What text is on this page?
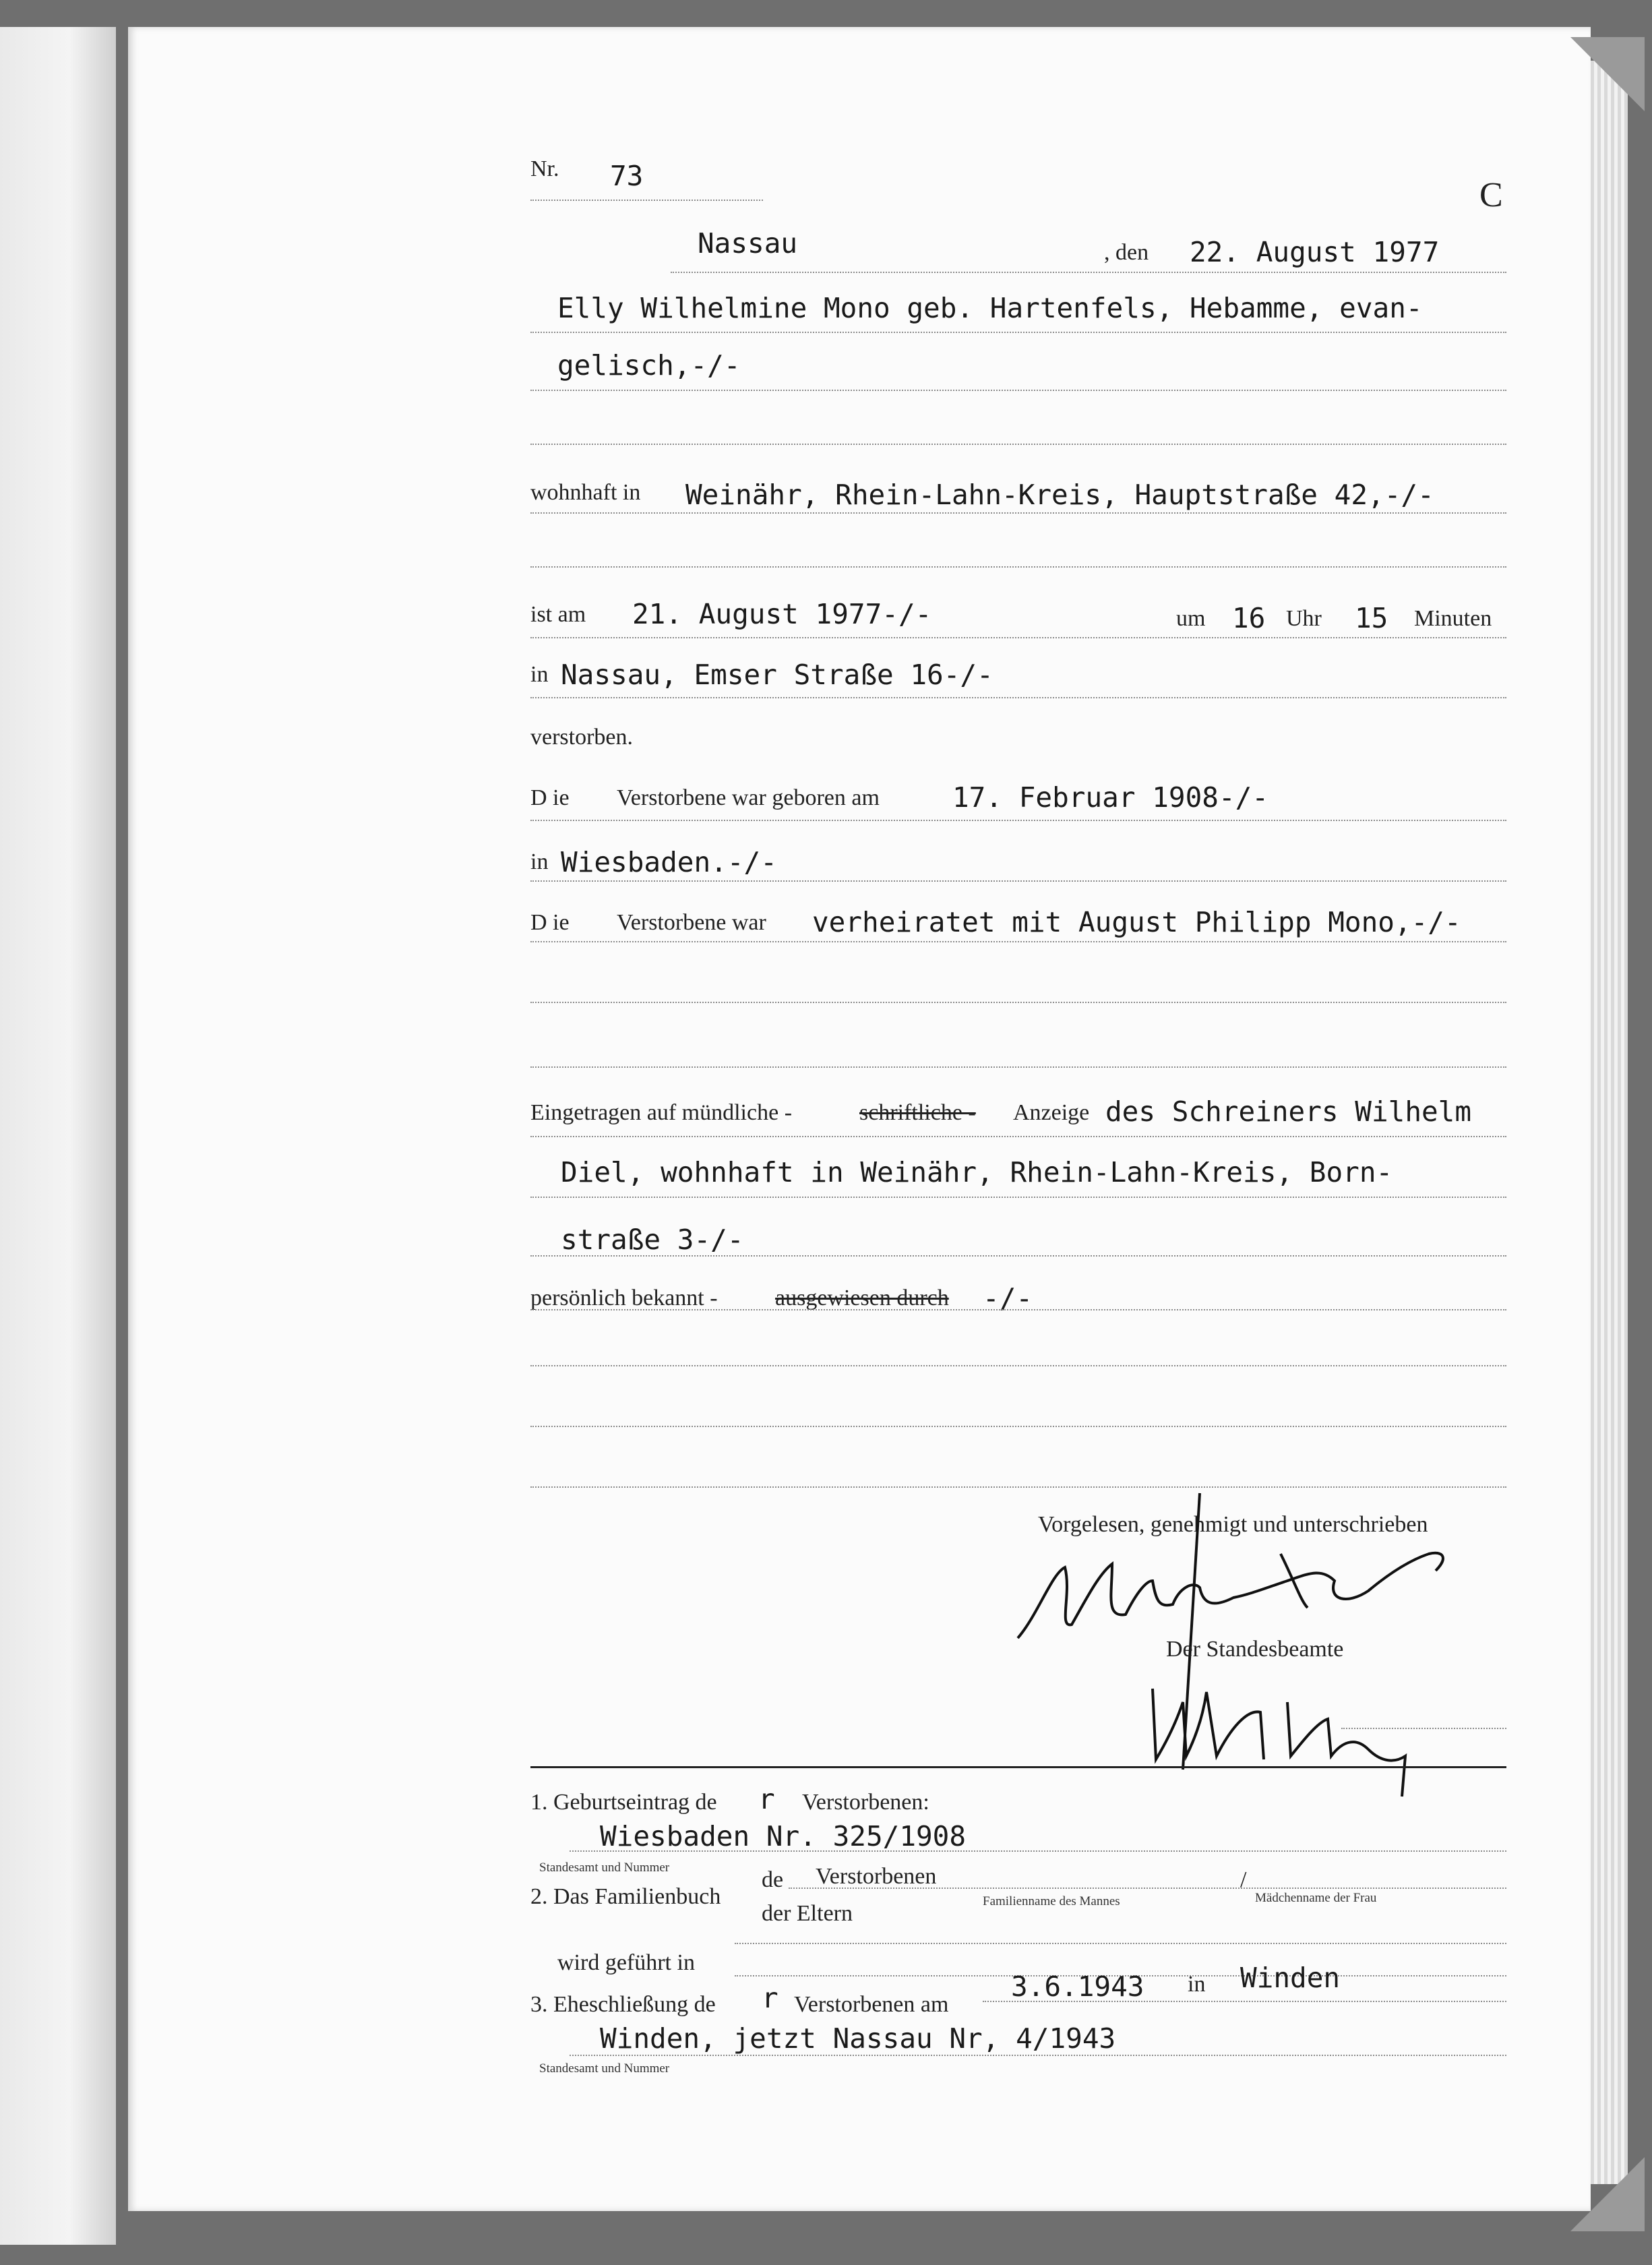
Nr. 73	C
Nassau	, den 22. August 1977
Elly Wilhelmine Mono geb. Hartenfels, Hebamme, evan-
gelisch,-/-
wohnhaft in Weinähr, Rhein-Lahn-Kreis, Hauptstraße 42,-/-
ist am 21. August 1977-/-	um 16 Uhr 15 Minuten
in Nassau, Emser Straße 16-/-
verstorben.
D ie Verstorbene war geboren am	17. Februar 1908-/-
in Wiesbaden.-/-
D ie Verstorbene war verheiratet mit August Philipp Mono,-/-
Eingetragen auf mündliche -	schriftliche - Anzeige des Schreiners Wilhelm
Diel, wohnhaft in Weinähr, Rhein-Lahn-Kreis, Born-
straße 3-/-
persönlich bekannt -	ausgewiesen durch -/-
Vorgelesen, genehmigt und unterschrieben
Der Standesbeamte
1. Geburtseintrag de r Verstorbenen:
Wiesbaden Nr. 325/1908
Standesamt und Nummer
2. Das Familienbuch
de Verstorbenen
der Eltern	Familienname des Mannes
/
Mädchenname der Frau
wird geführt in
3. Eheschließung de r Verstorbenen am
3.6.1943 in Winden
Winden, jetzt Nassau Nr, 4/1943
Standesamt und Nummer
